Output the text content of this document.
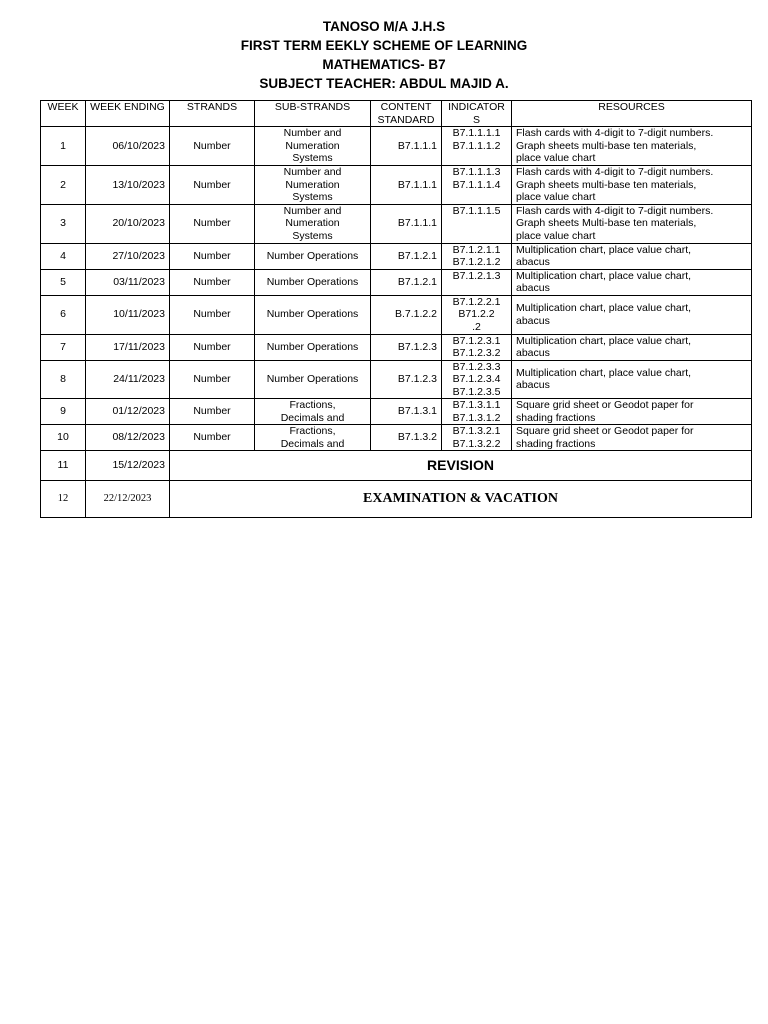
TANOSO M/A J.H.S
FIRST TERM EEKLY SCHEME OF LEARNING
MATHEMATICS- B7
SUBJECT TEACHER: ABDUL MAJID A.
WEEK	WEEK ENDING	STRANDS	SUB-STRANDS	CONTENT STANDARD	INDICATOR S	RESOURCES
1	06/10/2023	Number	Number and
Numeration
Systems	B7.1.1.1	B7.1.1.1.1
B7.1.1.1.2	Flash cards with 4-digit to 7-digit numbers.
Graph sheets multi-base ten materials,
place value chart
2	13/10/2023	Number	Number and
Numeration
Systems	B7.1.1.1	B7.1.1.1.3
B7.1.1.1.4	Flash cards with 4-digit to 7-digit numbers.
Graph sheets multi-base ten materials,
place value chart
3	20/10/2023	Number	Number and
Numeration
Systems	B7.1.1.1	B7.1.1.1.5	Flash cards with 4-digit to 7-digit numbers.
Graph sheets Multi-base ten materials,
place value chart
4	27/10/2023	Number	Number Operations	B7.1.2.1	B7.1.2.1.1
B7.1.2.1.2	Multiplication chart, place value chart,
abacus
5	03/11/2023	Number	Number Operations	B7.1.2.1	B7.1.2.1.3	Multiplication chart, place value chart,
abacus
6	10/11/2023	Number	Number Operations	B.7.1.2.2	B7.1.2.2.1
B71.2.2
.2	Multiplication chart, place value chart,
abacus
7	17/11/2023	Number	Number Operations	B7.1.2.3	B7.1.2.3.1
B7.1.2.3.2	Multiplication chart, place value chart,
abacus
8	24/11/2023	Number	Number Operations	B7.1.2.3	B7.1.2.3.3
B7.1.2.3.4
B7.1.2.3.5	Multiplication chart, place value chart,
abacus
9	01/12/2023	Number	Fractions,
Decimals and	B7.1.3.1	B7.1.3.1.1
B7.1.3.1.2	Square grid sheet or Geodot paper for
shading fractions
10	08/12/2023	Number	Fractions,
Decimals and	B7.1.3.2	B7.1.3.2.1
B7.1.3.2.2	Square grid sheet or Geodot paper for
shading fractions
11	15/12/2023	REVISION				
12	22/12/2023	EXAMINATION & VACATION				
